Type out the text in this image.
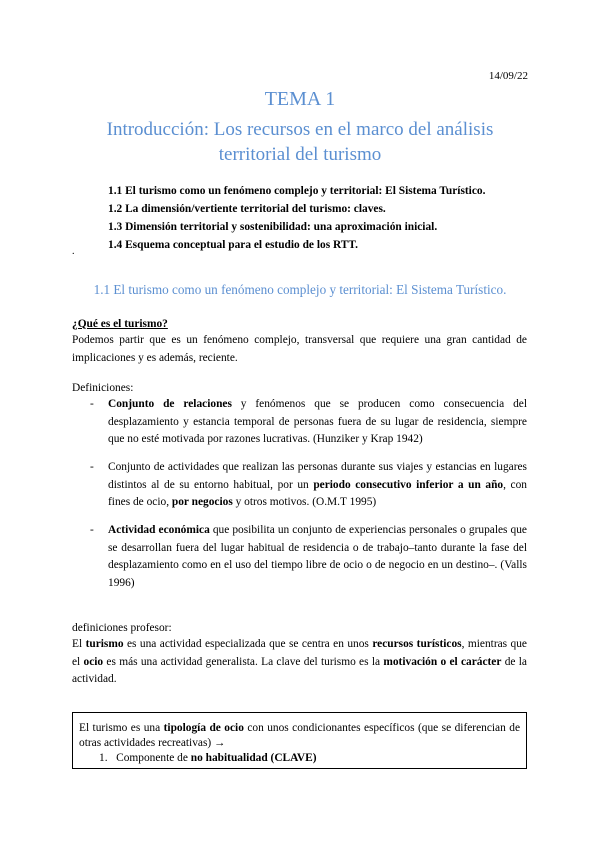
14/09/22
TEMA 1
Introducción: Los recursos en el marco del análisis territorial del turismo
1.1 El turismo como un fenómeno complejo y territorial: El Sistema Turístico.
1.2 La dimensión/vertiente territorial del turismo: claves.
1.3 Dimensión territorial y sostenibilidad: una aproximación inicial.
1.4 Esquema conceptual para el estudio de los RTT.
.
1.1 El turismo como un fenómeno complejo y territorial: El Sistema Turístico.
¿Qué es el turismo?
Podemos partir que es un fenómeno complejo, transversal que requiere una gran cantidad de implicaciones y es además, reciente.
Definiciones:
- Conjunto de relaciones y fenómenos que se producen como consecuencia del desplazamiento y estancia temporal de personas fuera de su lugar de residencia, siempre que no esté motivada por razones lucrativas. (Hunziker y Krap 1942)
- Conjunto de actividades que realizan las personas durante sus viajes y estancias en lugares distintos al de su entorno habitual, por un periodo consecutivo inferior a un año, con fines de ocio, por negocios y otros motivos. (O.M.T 1995)
- Actividad económica que posibilita un conjunto de experiencias personales o grupales que se desarrollan fuera del lugar habitual de residencia o de trabajo–tanto durante la fase del desplazamiento como en el uso del tiempo libre de ocio o de negocio en un destino–. (Valls 1996)
definiciones profesor:
El turismo es una actividad especializada que se centra en unos recursos turísticos, mientras que el ocio es más una actividad generalista. La clave del turismo es la motivación o el carácter de la actividad.
El turismo es una tipología de ocio con unos condicionantes específicos (que se diferencian de otras actividades recreativas) →
1. Componente de no habitualidad (CLAVE)
